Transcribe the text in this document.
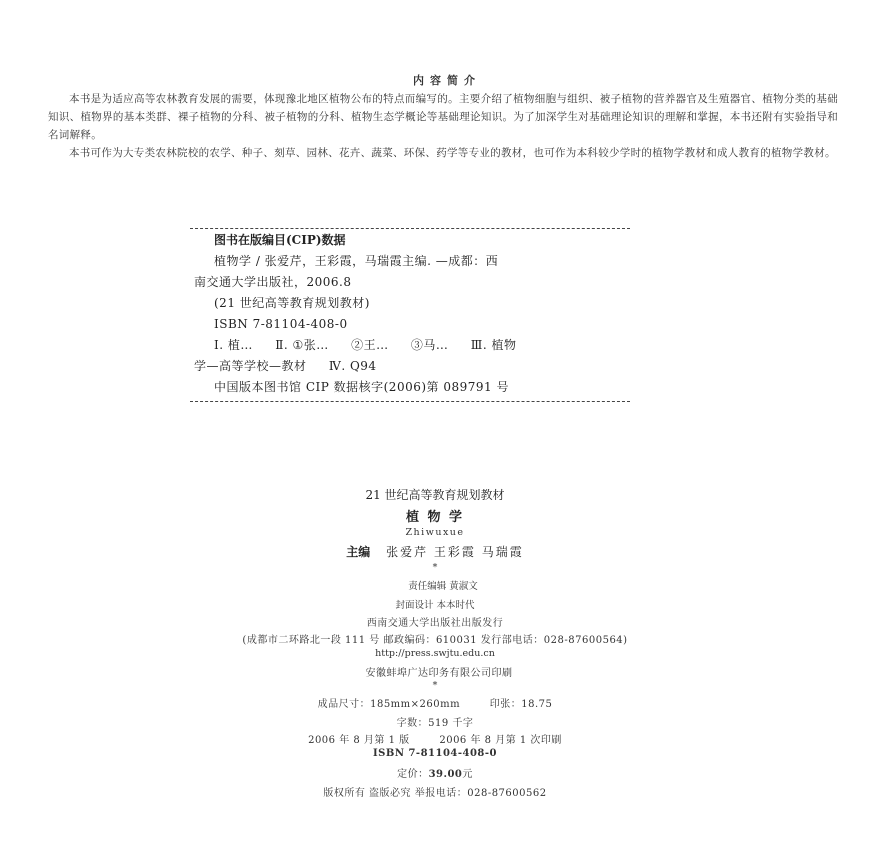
内容简介

本书是为适应高等农林教育发展的需要，体现豫北地区植物公布的特点而编写的。主要介绍了植物细胞与组织、被子植物的营养器官及生殖器官、植物分类的基础知识、植物界的基本类群、裸子植物的分科、被子植物的分科、植物生态学概论等基础理论知识。为了加深学生对基础理论知识的理解和掌握，本书还附有实验指导和名词解释。

本书可作为大专类农林院校的农学、种子、刻草、园林、花卉、蔬菜、环保、药学等专业的教材，也可作为本科较少学时的植物学教材和成人教育的植物学教材。

图书在版编目(CIP)数据
植物学 / 张爱芹，王彩霞，马瑞霞主编. —成都：西
南交通大学出版社，2006.8
(21 世纪高等教育规划教材)
ISBN 7-81104-408-0
Ⅰ. 植… Ⅱ. ①张… ②王… ③马… Ⅲ. 植物
学—高等学校—教材 Ⅳ. Q94
中国版本图书馆 CIP 数据核字(2006)第 089791 号
21 世纪高等教育规划教材
植 物 学
Zhiwuxue
主编 张爱芹 王彩霞 马瑞霞
*
责任编辑 黄淑文
封面设计 本本时代
西南交通大学出版社出版发行
(成都市二环路北一段 111 号 邮政编码：610031 发行部电话：028-87600564)
http://press.swjtu.edu.cn
安徽蚌埠广达印务有限公司印刷
*
成品尺寸：185mm×260mm	印张：18.75
字数：519 千字
2006 年 8 月第 1 版	2006 年 8 月第 1 次印刷
ISBN 7-81104-408-0
定价：39.00元
版权所有 盗版必究 举报电话：028-87600562
